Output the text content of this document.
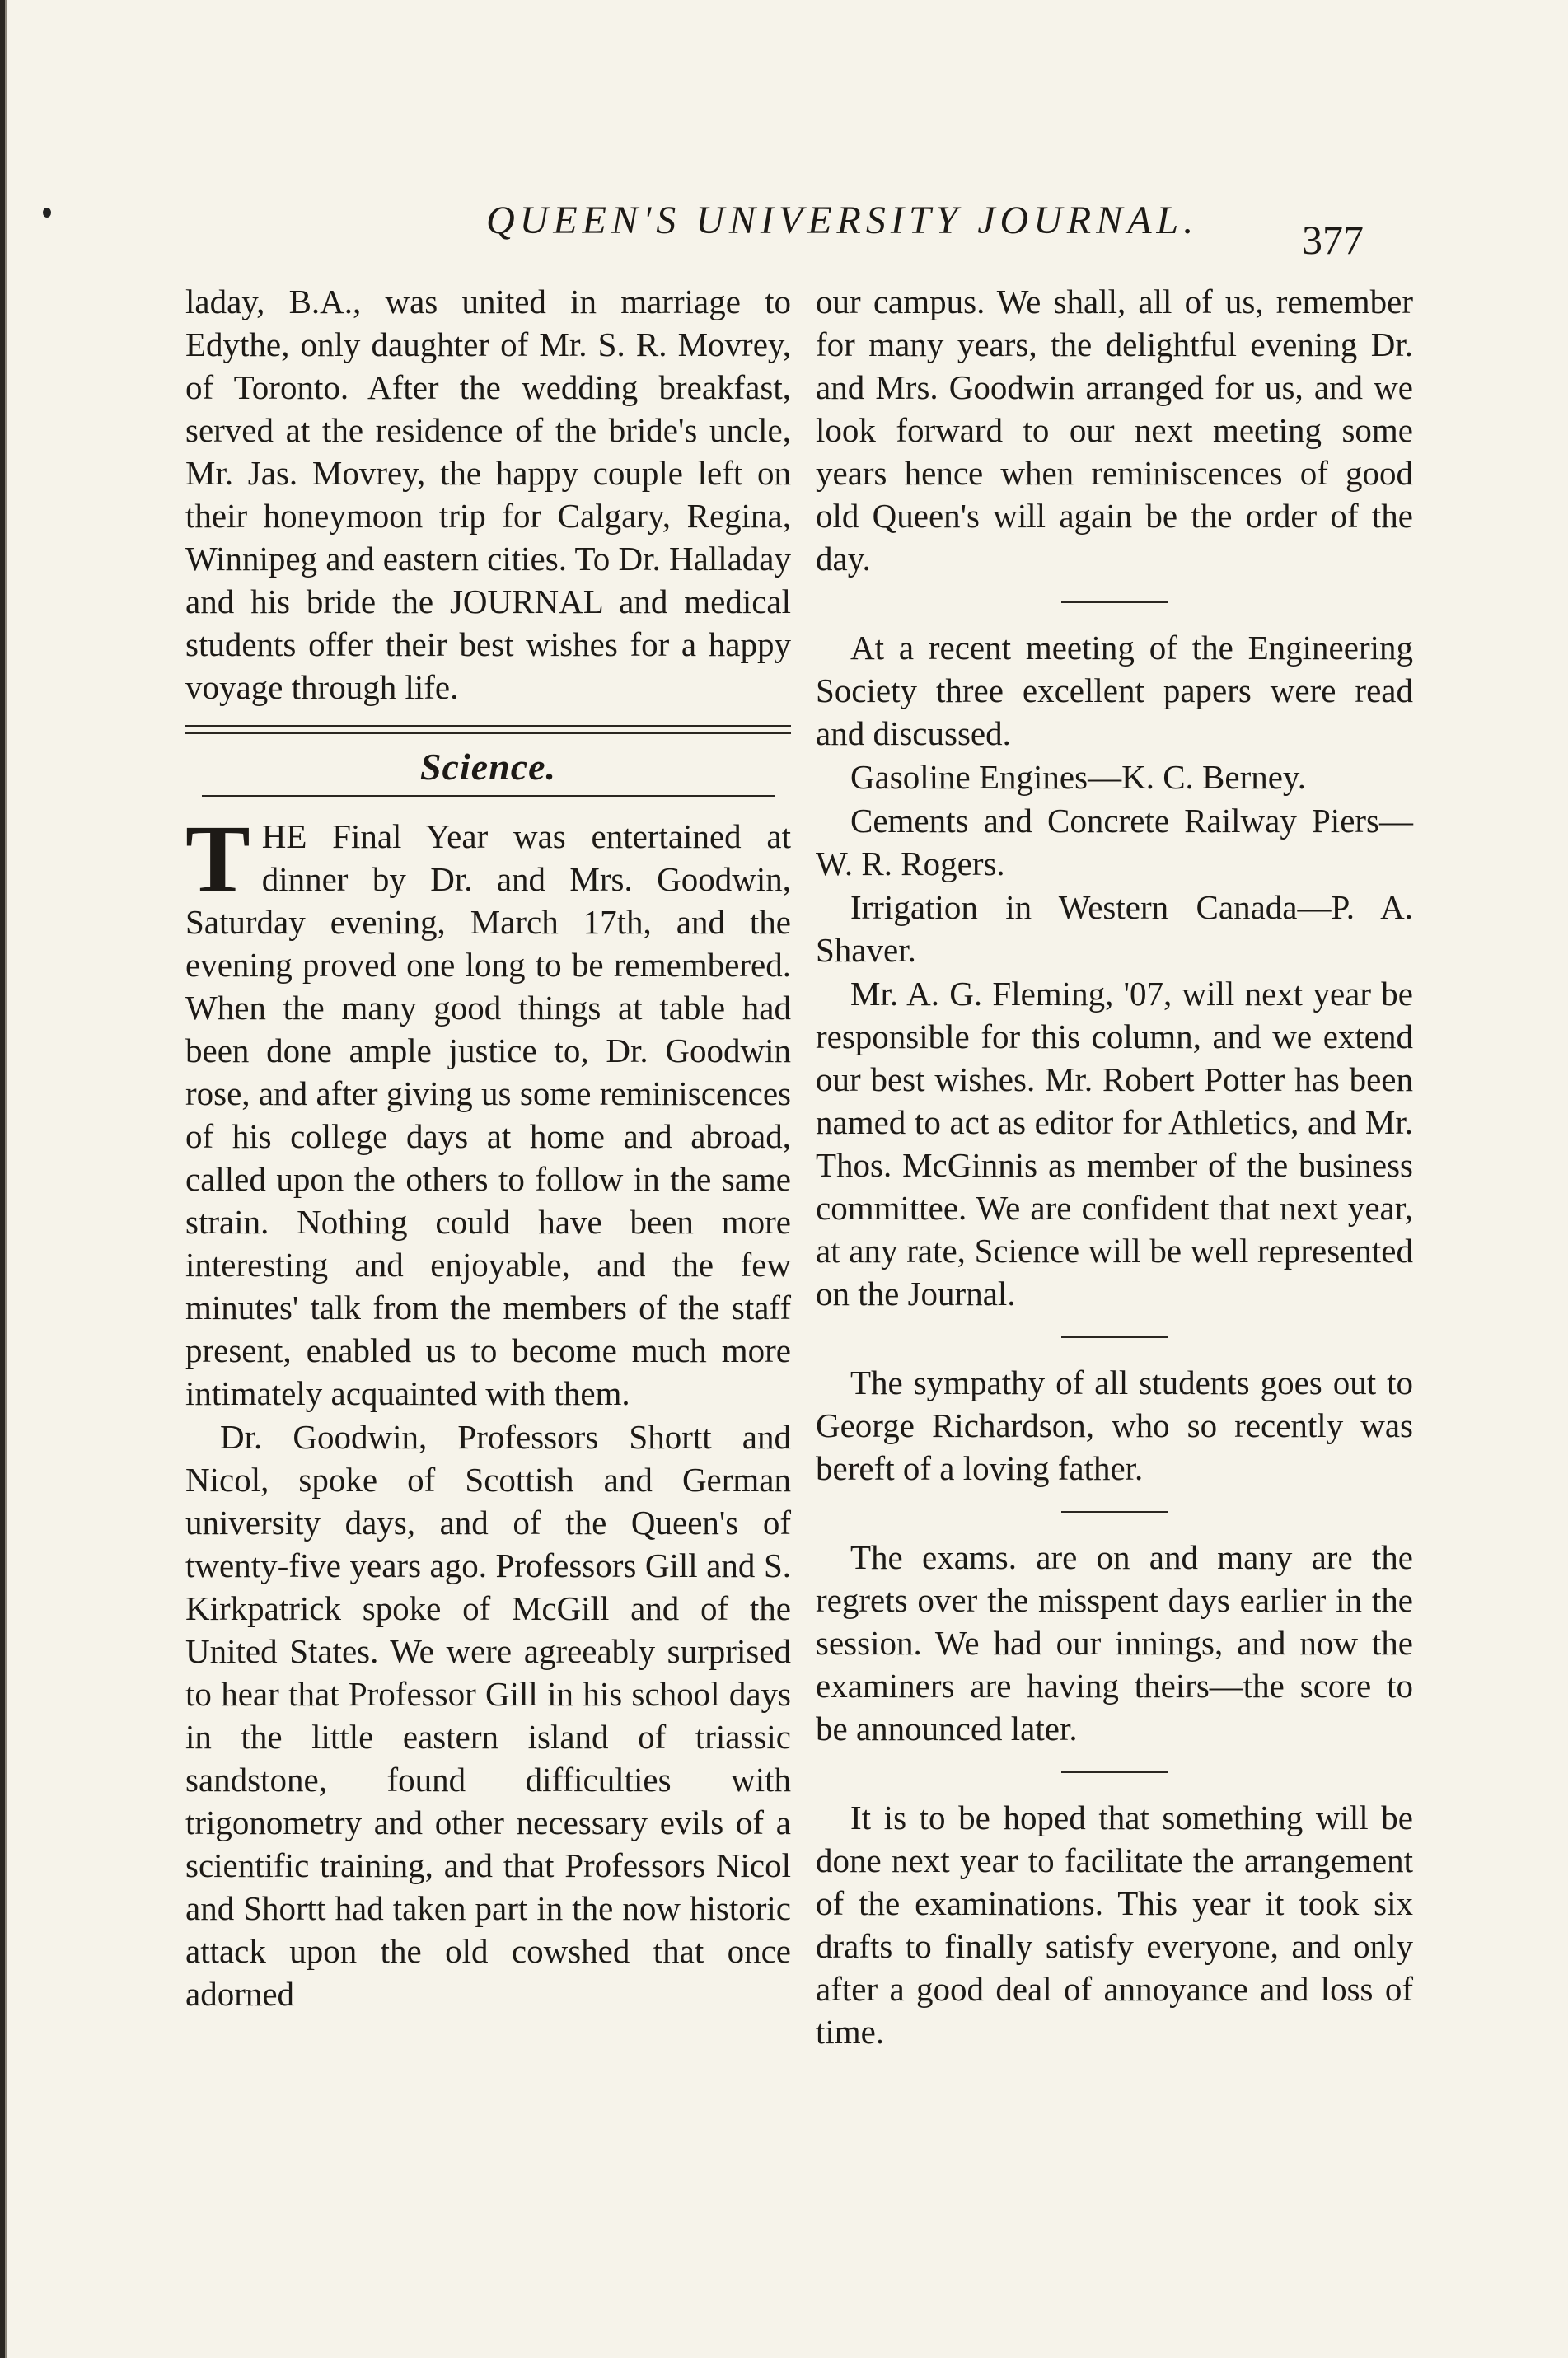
QUEEN'S UNIVERSITY JOURNAL.	377

laday, B.A., was united in marriage to Edythe, only daughter of Mr. S. R. Movrey, of Toronto. After the wedding breakfast, served at the residence of the bride's uncle, Mr. Jas. Movrey, the happy couple left on their honeymoon trip for Calgary, Regina, Winnipeg and eastern cities. To Dr. Halladay and his bride the JOURNAL and medical students offer their best wishes for a happy voyage through life.

Science.

THE Final Year was entertained at dinner by Dr. and Mrs. Goodwin, Saturday evening, March 17th, and the evening proved one long to be remembered. When the many good things at table had been done ample justice to, Dr. Goodwin rose, and after giving us some reminiscences of his college days at home and abroad, called upon the others to follow in the same strain. Nothing could have been more interesting and enjoyable, and the few minutes' talk from the members of the staff present, enabled us to become much more intimately acquainted with them.

Dr. Goodwin, Professors Shortt and Nicol, spoke of Scottish and German university days, and of the Queen's of twenty-five years ago. Professors Gill and S. Kirkpatrick spoke of McGill and of the United States. We were agreeably surprised to hear that Professor Gill in his school days in the little eastern island of triassic sandstone, found difficulties with trigonometry and other necessary evils of a scientific training, and that Professors Nicol and Shortt had taken part in the now historic attack upon the old cowshed that once adorned

our campus. We shall, all of us, remember for many years, the delightful evening Dr. and Mrs. Goodwin arranged for us, and we look forward to our next meeting some years hence when reminiscences of good old Queen's will again be the order of the day.

At a recent meeting of the Engineering Society three excellent papers were read and discussed.

Gasoline Engines—K. C. Berney.

Cements and Concrete Railway Piers—W. R. Rogers.

Irrigation in Western Canada—P. A. Shaver.

Mr. A. G. Fleming, '07, will next year be responsible for this column, and we extend our best wishes. Mr. Robert Potter has been named to act as editor for Athletics, and Mr. Thos. McGinnis as member of the business committee. We are confident that next year, at any rate, Science will be well represented on the Journal.

The sympathy of all students goes out to George Richardson, who so recently was bereft of a loving father.

The exams. are on and many are the regrets over the misspent days earlier in the session. We had our innings, and now the examiners are having theirs—the score to be announced later.

It is to be hoped that something will be done next year to facilitate the arrangement of the examinations. This year it took six drafts to finally satisfy everyone, and only after a good deal of annoyance and loss of time.
